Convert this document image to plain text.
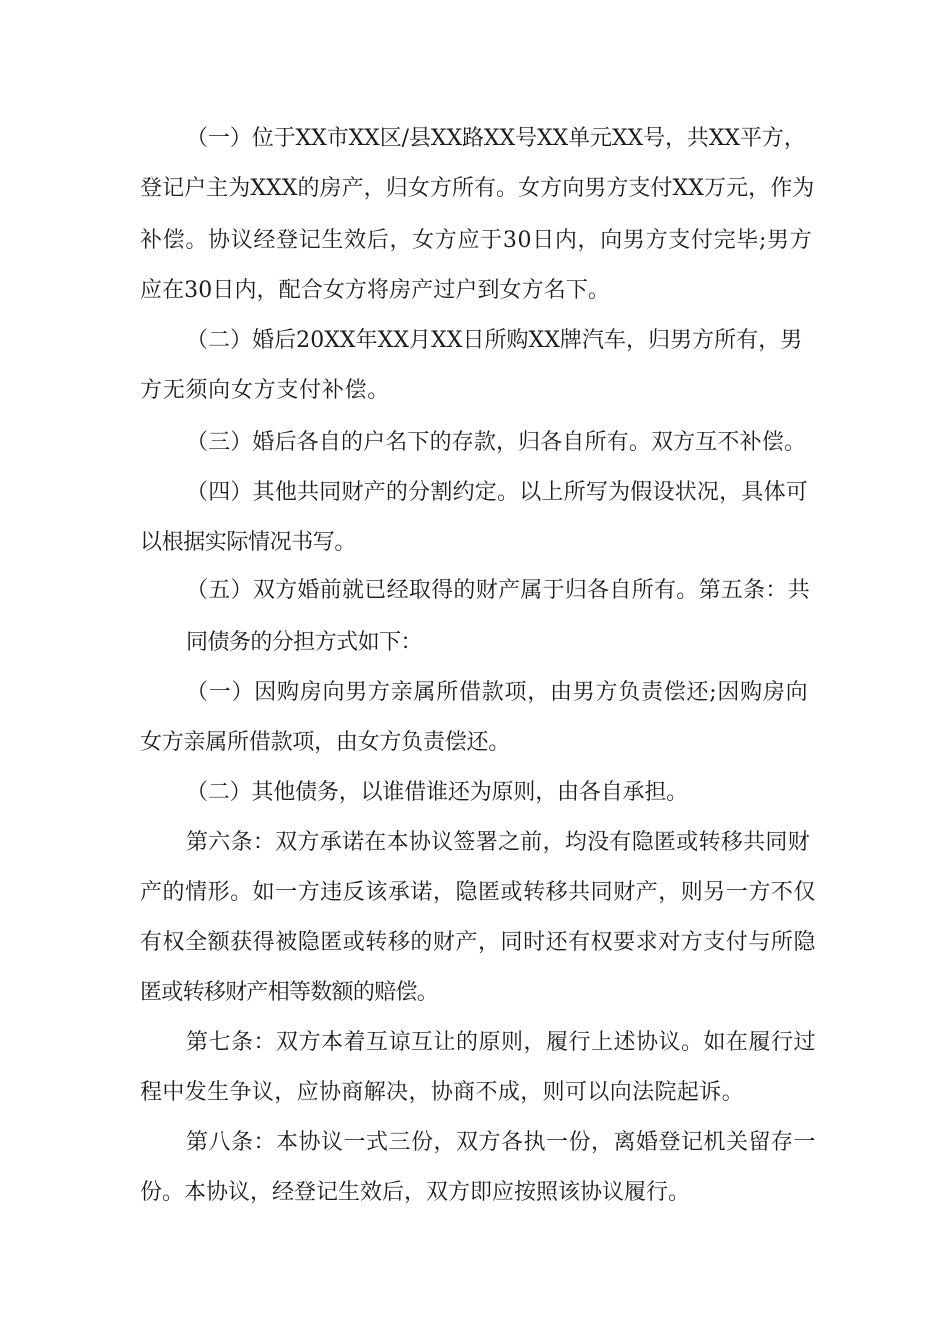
（一）位于XX市XX区/县XX路XX号XX单元XX号，共XX平方，
登记户主为XXX的房产，归女方所有。女方向男方支付XX万元，作为
补偿。协议经登记生效后，女方应于30日内，向男方支付完毕;男方
应在30日内，配合女方将房产过户到女方名下。
（二）婚后20XX年XX月XX日所购XX牌汽车，归男方所有，男
方无须向女方支付补偿。
（三）婚后各自的户名下的存款，归各自所有。双方互不补偿。
（四）其他共同财产的分割约定。以上所写为假设状况，具体可
以根据实际情况书写。
（五）双方婚前就已经取得的财产属于归各自所有。第五条：共
同债务的分担方式如下：
（一）因购房向男方亲属所借款项，由男方负责偿还;因购房向
女方亲属所借款项，由女方负责偿还。
（二）其他债务，以谁借谁还为原则，由各自承担。
第六条：双方承诺在本协议签署之前，均没有隐匿或转移共同财
产的情形。如一方违反该承诺，隐匿或转移共同财产，则另一方不仅
有权全额获得被隐匿或转移的财产，同时还有权要求对方支付与所隐
匿或转移财产相等数额的赔偿。
第七条：双方本着互谅互让的原则，履行上述协议。如在履行过
程中发生争议，应协商解决，协商不成，则可以向法院起诉。
第八条：本协议一式三份，双方各执一份，离婚登记机关留存一
份。本协议，经登记生效后，双方即应按照该协议履行。
